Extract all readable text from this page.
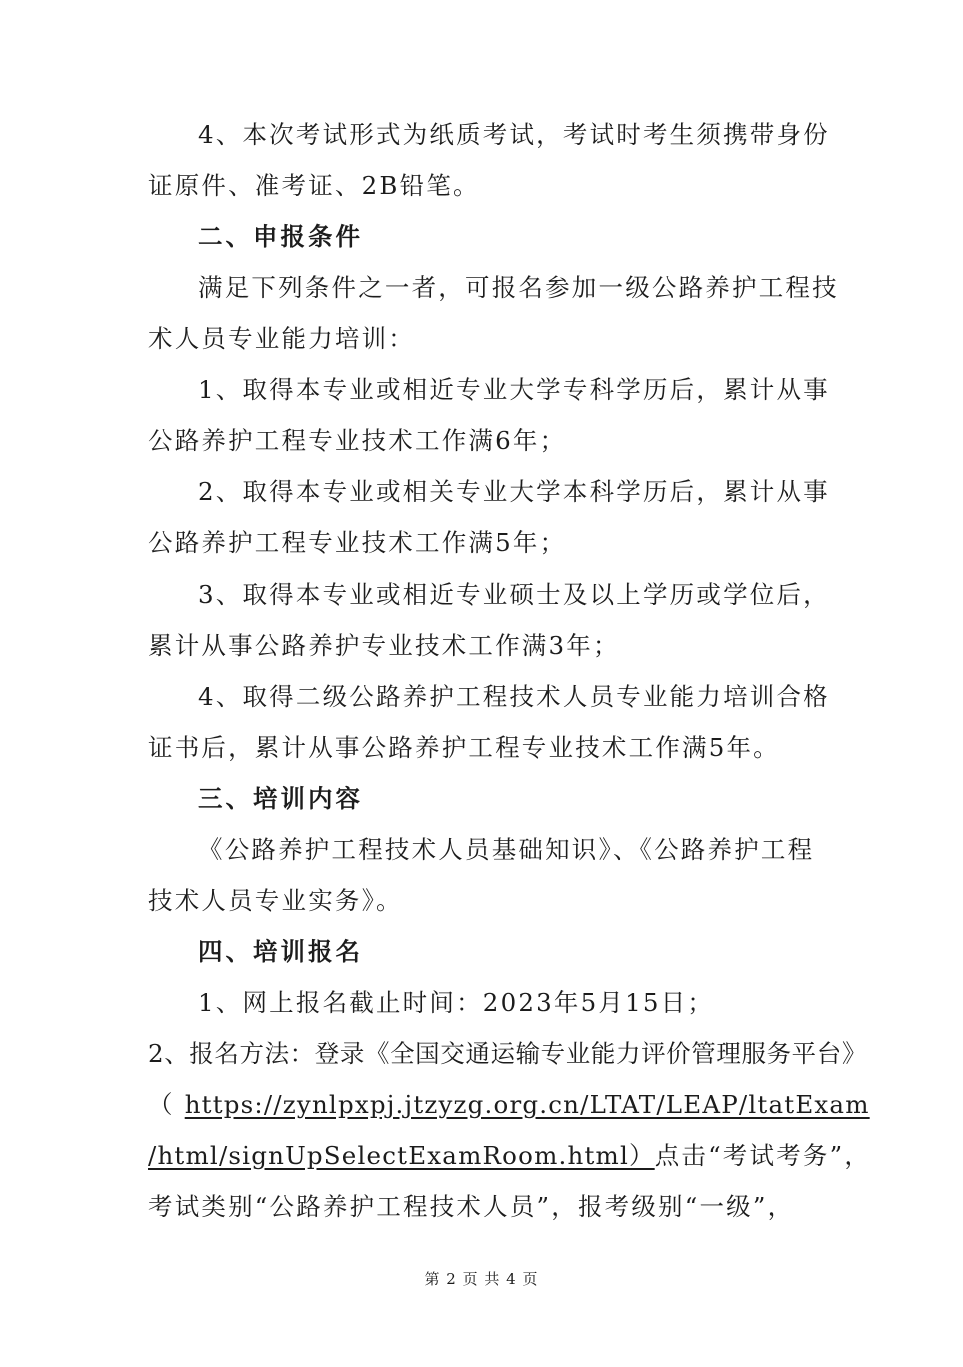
4、本次考试形式为纸质考试，考试时考生须携带身份
证原件、准考证、2B铅笔。
二、申报条件
满足下列条件之一者，可报名参加一级公路养护工程技
术人员专业能力培训：
1、取得本专业或相近专业大学专科学历后，累计从事
公路养护工程专业技术工作满6年；
2、取得本专业或相关专业大学本科学历后，累计从事
公路养护工程专业技术工作满5年；
3、取得本专业或相近专业硕士及以上学历或学位后，
累计从事公路养护专业技术工作满3年；
4、取得二级公路养护工程技术人员专业能力培训合格
证书后，累计从事公路养护工程专业技术工作满5年。
三、培训内容
《公路养护工程技术人员基础知识》、《公路养护工程
技术人员专业实务》。
四、培训报名
1、网上报名截止时间：2023年5月15日；
2、报名方法：登录《全国交通运输专业能力评价管理服务平台》
（ https://zynlpxpj.jtzyzg.org.cn/LTAT/LEAP/ltatExam
/html/signUpSelectExamRoom.html）点击“考试考务”，
考试类别“公路养护工程技术人员”，报考级别“一级”，
第 2 页 共 4 页
